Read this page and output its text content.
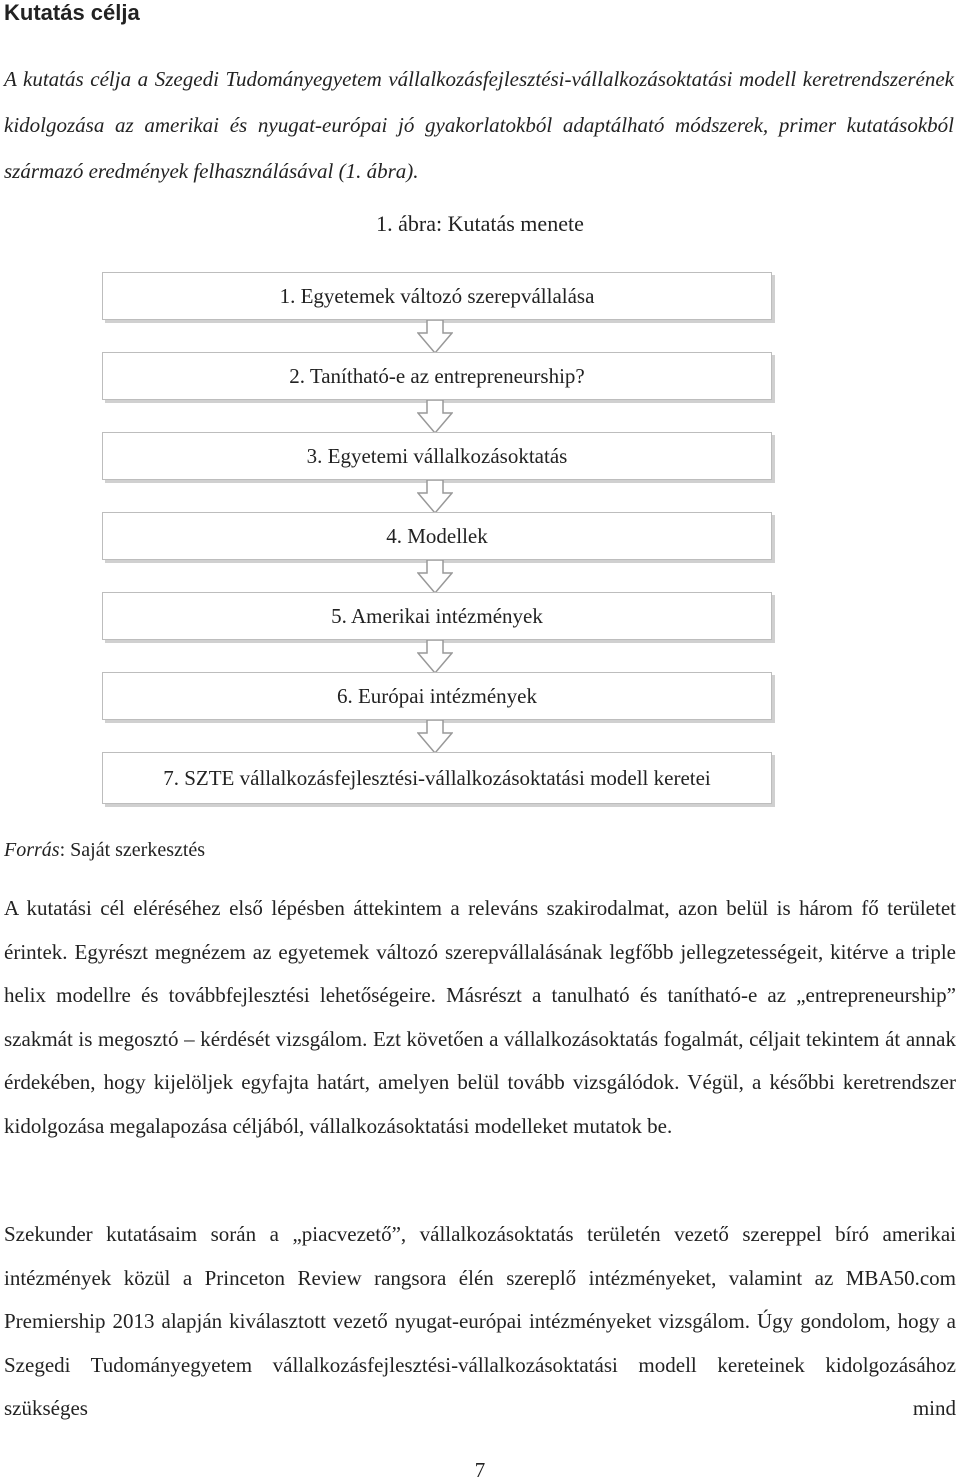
Kutatás célja
A kutatás célja a Szegedi Tudományegyetem vállalkozásfejlesztési-vállalkozásoktatási modell keretrendszerének kidolgozása az amerikai és nyugat-európai jó gyakorlatokból adaptálható módszerek, primer kutatásokból származó eredmények felhasználásával (1. ábra).
1. ábra: Kutatás menete
1. Egyetemek változó szerepvállalása
2. Tanítható-e az entrepreneurship?
3. Egyetemi vállalkozásoktatás
4. Modellek
5. Amerikai intézmények
6. Európai intézmények
7. SZTE vállalkozásfejlesztési-vállalkozásoktatási modell keretei
Forrás: Saját szerkesztés
A kutatási cél eléréséhez első lépésben áttekintem a releváns szakirodalmat, azon belül is három fő területet érintek. Egyrészt megnézem az egyetemek változó szerepvállalásának legfőbb jellegzetességeit, kitérve a triple helix modellre és továbbfejlesztési lehetőségeire. Másrészt a tanulható és tanítható-e az „entrepreneurship” szakmát is megosztó – kérdését vizsgálom. Ezt követően a vállalkozásoktatás fogalmát, céljait tekintem át annak érdekében, hogy kijelöljek egyfajta határt, amelyen belül tovább vizsgálódok. Végül, a későbbi keretrendszer kidolgozása megalapozása céljából, vállalkozásoktatási modelleket mutatok be.
Szekunder kutatásaim során a „piacvezető”, vállalkozásoktatás területén vezető szereppel bíró amerikai intézmények közül a Princeton Review rangsora élén szereplő intézményeket, valamint az MBA50.com Premiership 2013 alapján kiválasztott vezető nyugat-európai intézményeket vizsgálom. Úgy gondolom, hogy a Szegedi Tudományegyetem vállalkozásfejlesztési-vállalkozásoktatási modell kereteinek kidolgozásához szükséges mind
7
